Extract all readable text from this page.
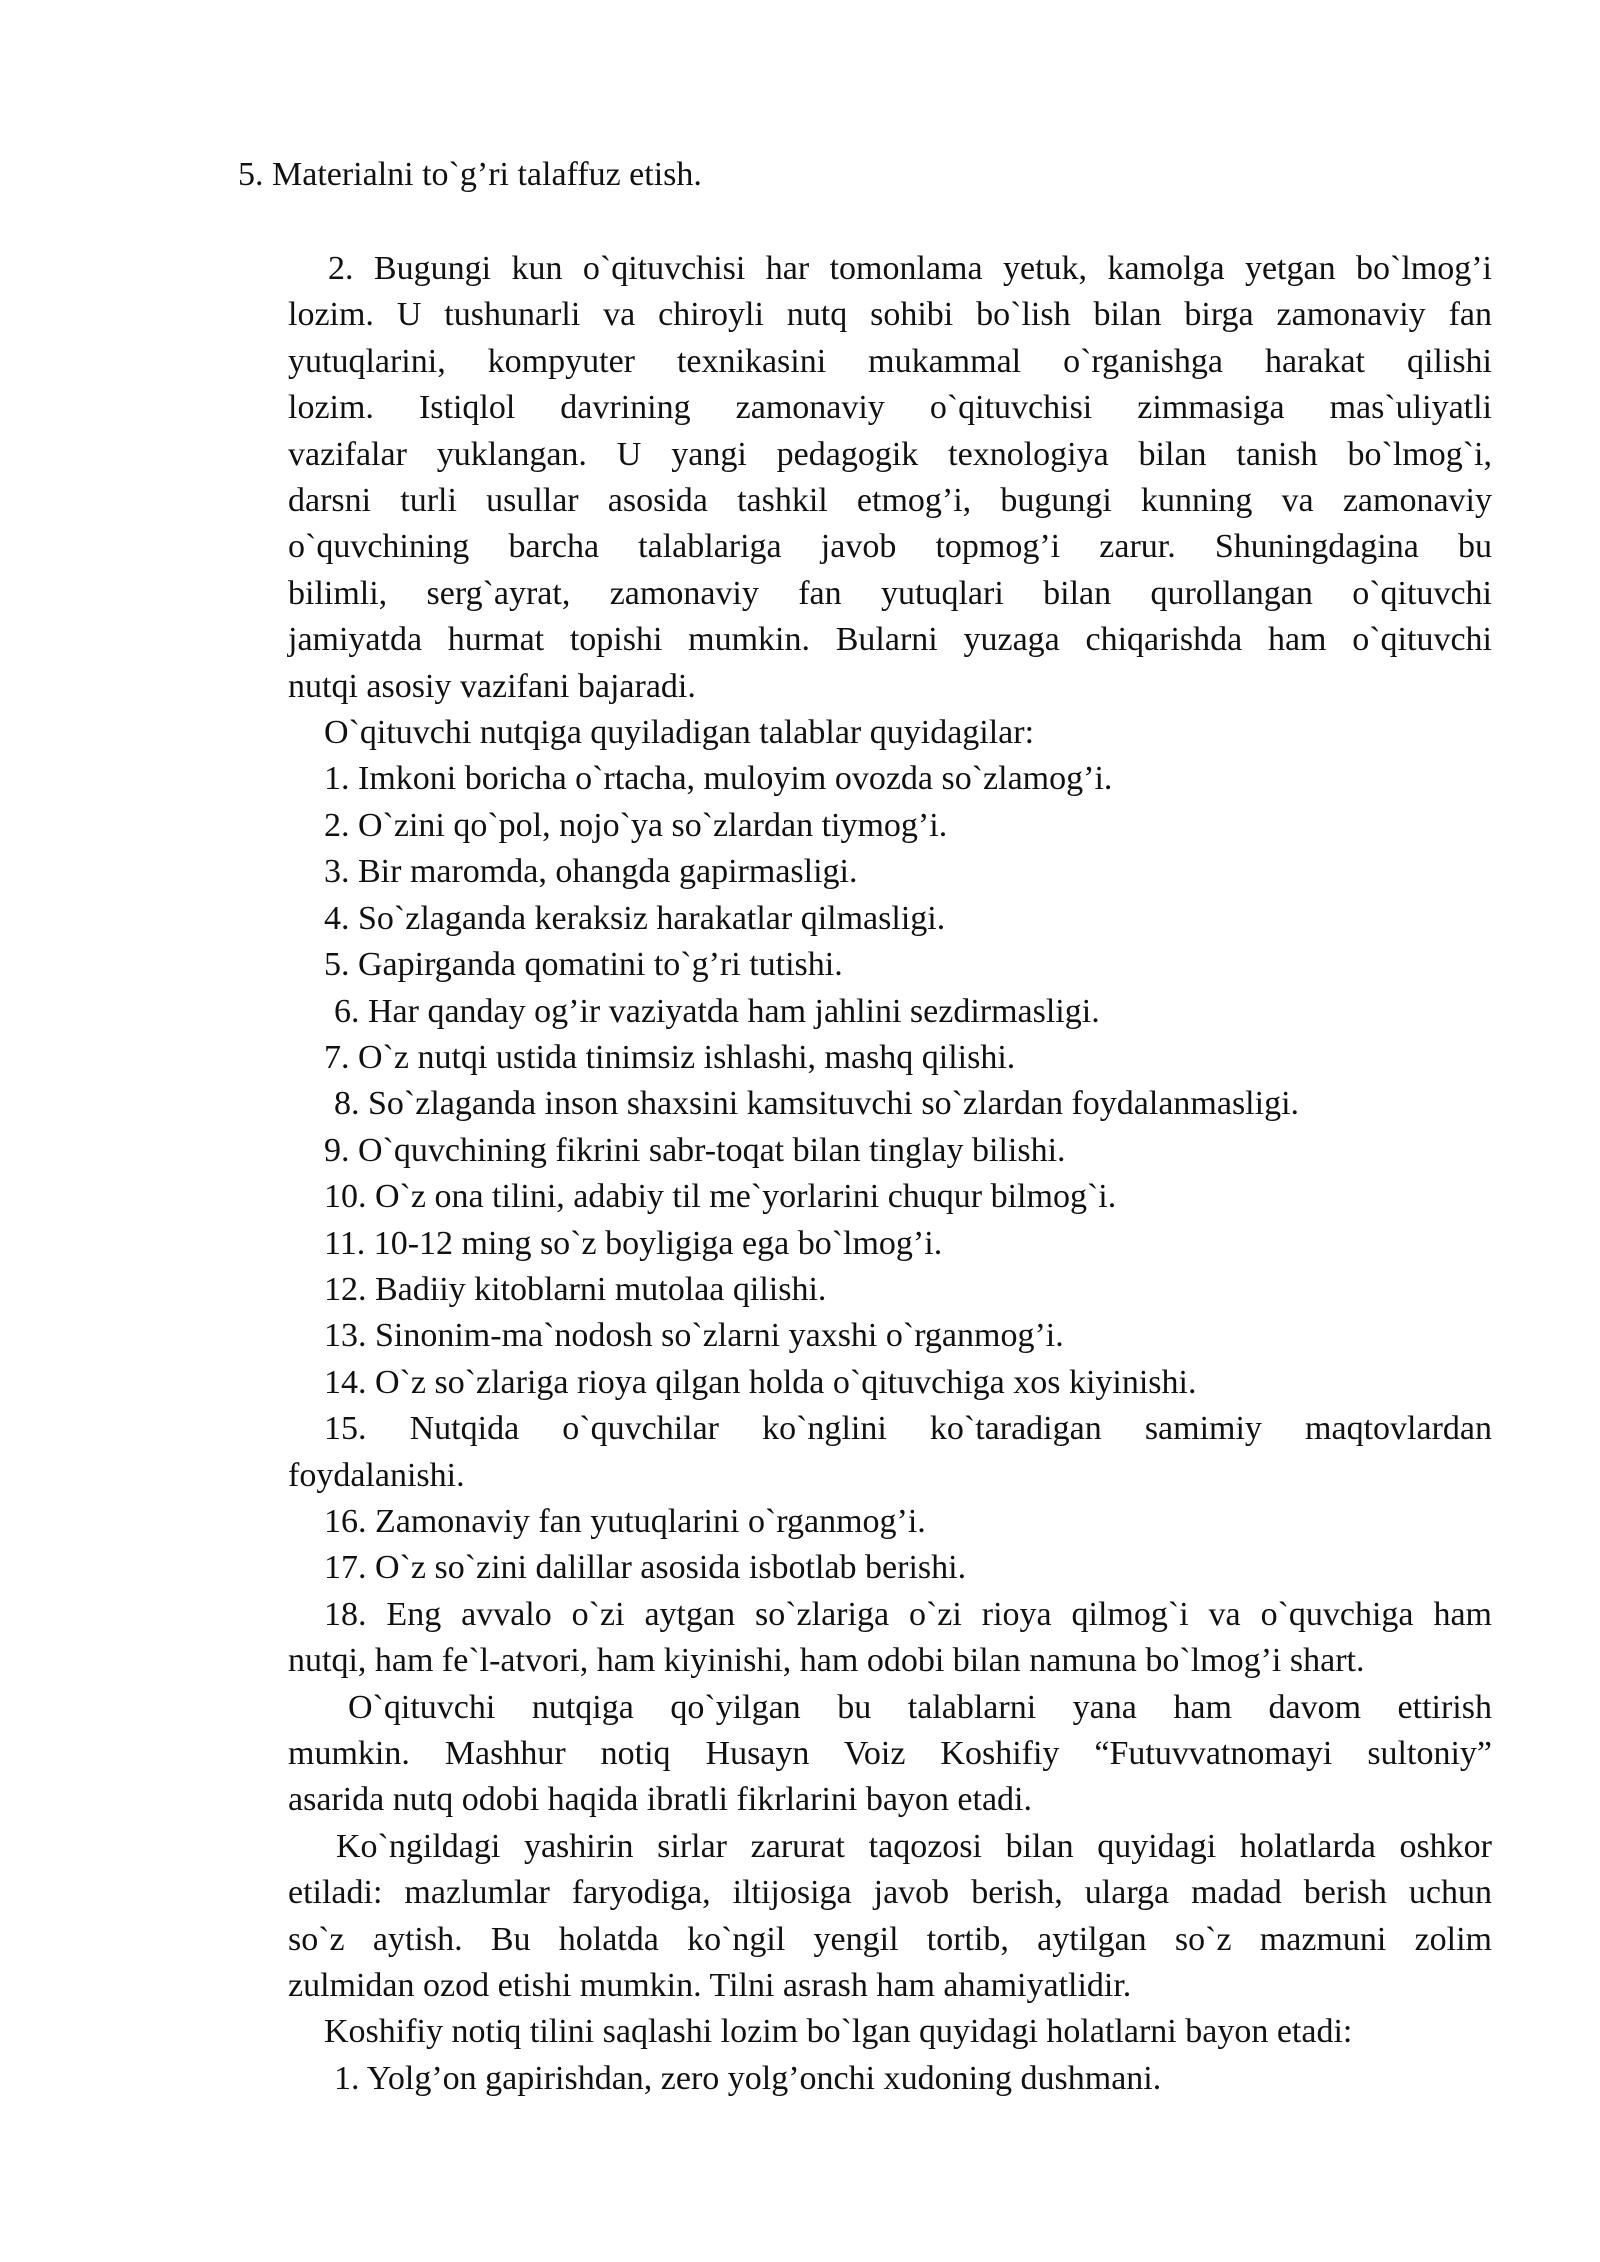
5. Materialni to`g’ri talaffuz etish.

2. Bugungi kun o`qituvchisi har tomonlama yetuk, kamolga yetgan bo`lmog’i

lozim. U tushunarli va chiroyli nutq sohibi bo`lish bilan birga zamonaviy fan

yutuqlarini, kompyuter texnikasini mukammal o`rganishga harakat qilishi

lozim. Istiqlol davrining zamonaviy o`qituvchisi zimmasiga mas`uliyatli

vazifalar yuklangan. U yangi pedagogik texnologiya bilan tanish bo`lmog`i,

darsni turli usullar asosida tashkil etmog’i, bugungi kunning va zamonaviy

o`quvchining barcha talablariga javob topmog’i zarur. Shuningdagina bu

bilimli, serg`ayrat, zamonaviy fan yutuqlari bilan qurollangan o`qituvchi

jamiyatda hurmat topishi mumkin. Bularni yuzaga chiqarishda ham o`qituvchi

nutqi asosiy vazifani bajaradi.

O`qituvchi nutqiga quyiladigan talablar quyidagilar:

1. Imkoni boricha o`rtacha, muloyim ovozda so`zlamog’i.

2. O`zini qo`pol, nojo`ya so`zlardan tiymog’i.

3. Bir maromda, ohangda gapirmasligi.

4. So`zlaganda keraksiz harakatlar qilmasligi.

5. Gapirganda qomatini to`g’ri tutishi.

6. Har qanday og’ir vaziyatda ham jahlini sezdirmasligi.

7. O`z nutqi ustida tinimsiz ishlashi, mashq qilishi.

8. So`zlaganda inson shaxsini kamsituvchi so`zlardan foydalanmasligi.

9. O`quvchining fikrini sabr-toqat bilan tinglay bilishi.

10. O`z ona tilini, adabiy til me`yorlarini chuqur bilmog`i.

11. 10-12 ming so`z boyligiga ega bo`lmog’i.

12. Badiiy kitoblarni mutolaa qilishi.

13. Sinonim-ma`nodosh so`zlarni yaxshi o`rganmog’i.

14. O`z so`zlariga rioya qilgan holda o`qituvchiga xos kiyinishi.

15. Nutqida o`quvchilar ko`nglini ko`taradigan samimiy maqtovlardan

foydalanishi.

16. Zamonaviy fan yutuqlarini o`rganmog’i.

17. O`z so`zini dalillar asosida isbotlab berishi.

18. Eng avvalo o`zi aytgan so`zlariga o`zi rioya qilmog`i va o`quvchiga ham

nutqi, ham fe`l-atvori, ham kiyinishi, ham odobi bilan namuna bo`lmog’i shart.

O`qituvchi nutqiga qo`yilgan bu talablarni yana ham davom ettirish

mumkin. Mashhur notiq Husayn Voiz Koshifiy “Futuvvatnomayi sultoniy”

asarida nutq odobi haqida ibratli fikrlarini bayon etadi.

Ko`ngildagi yashirin sirlar zarurat taqozosi bilan quyidagi holatlarda oshkor

etiladi: mazlumlar faryodiga, iltijosiga javob berish, ularga madad berish uchun

so`z aytish. Bu holatda ko`ngil yengil tortib, aytilgan so`z mazmuni zolim

zulmidan ozod etishi mumkin. Tilni asrash ham ahamiyatlidir.

Koshifiy notiq tilini saqlashi lozim bo`lgan quyidagi holatlarni bayon etadi:

1. Yolg’on gapirishdan, zero yolg’onchi xudoning dushmani.
